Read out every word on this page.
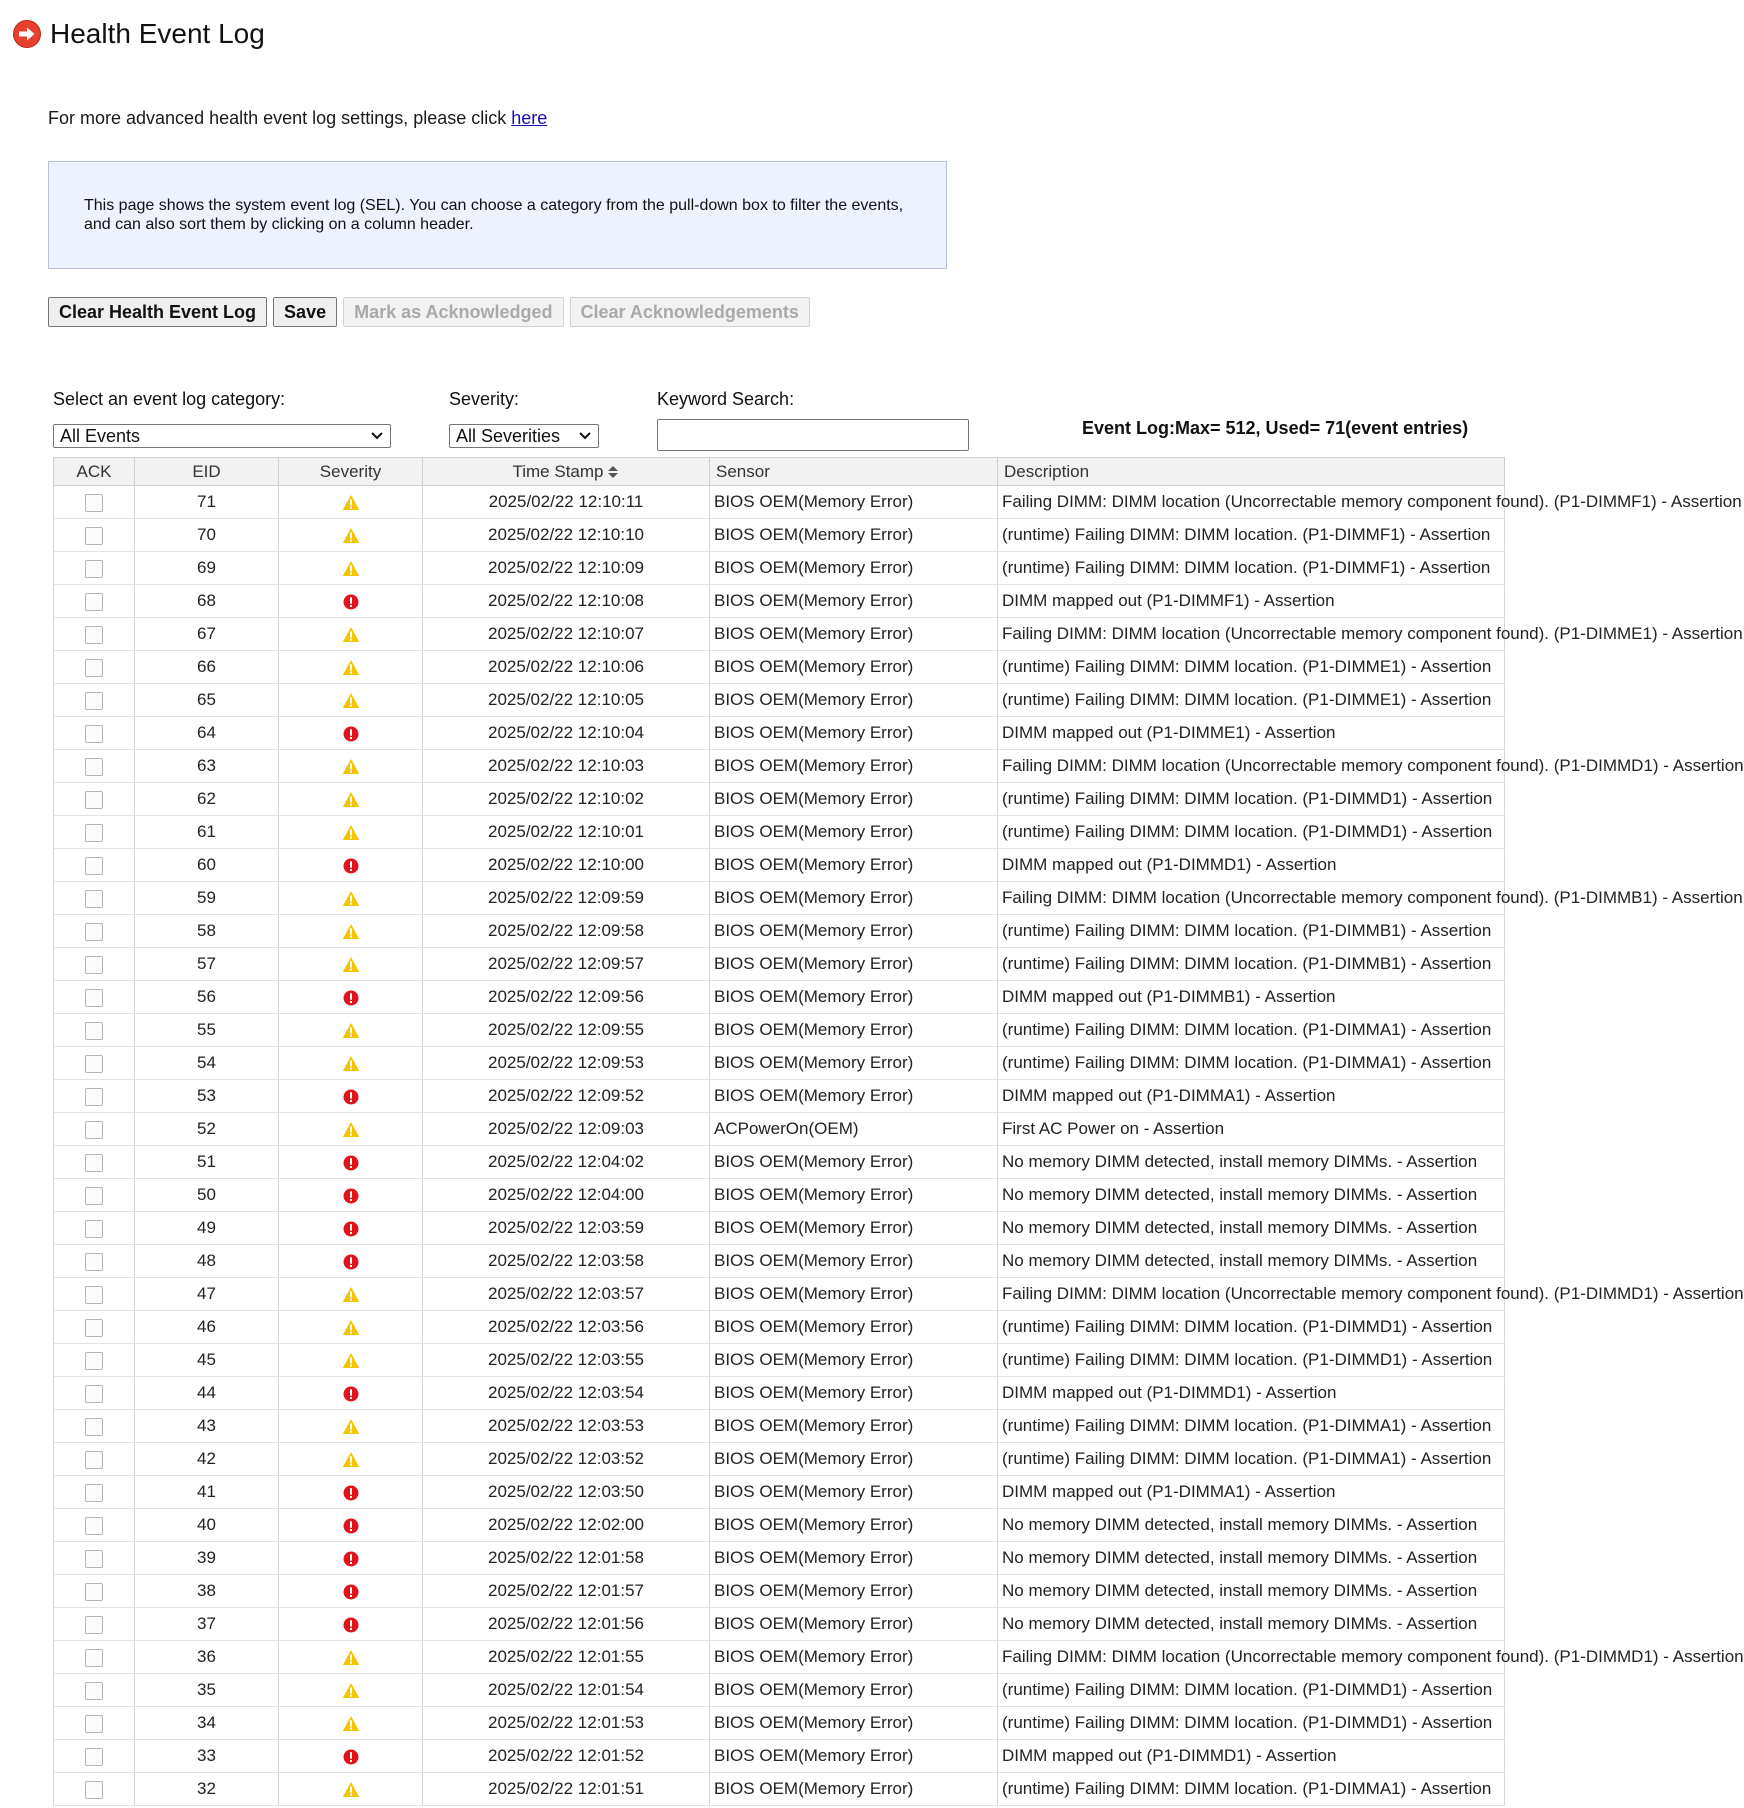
Health Event Log
For more advanced health event log settings, please click here
This page shows the system event log (SEL). You can choose a category from the pull-down box to filter the events, and can also sort them by clicking on a column header.
Clear Health Event Log	Save	Mark as Acknowledged	Clear Acknowledgements
Select an event log category:
All Events
Severity:
All Severities
Keyword Search:
Event Log:Max= 512, Used= 71(event entries)
ACK	EID	Severity	Time Stamp	Sensor	Description
	71		2025/02/22 12:10:11	BIOS OEM(Memory Error)	Failing DIMM: DIMM location (Uncorrectable memory component found). (P1-DIMMF1) - Assertion
	70		2025/02/22 12:10:10	BIOS OEM(Memory Error)	(runtime) Failing DIMM: DIMM location. (P1-DIMMF1) - Assertion
	69		2025/02/22 12:10:09	BIOS OEM(Memory Error)	(runtime) Failing DIMM: DIMM location. (P1-DIMMF1) - Assertion
	68		2025/02/22 12:10:08	BIOS OEM(Memory Error)	DIMM mapped out (P1-DIMMF1) - Assertion
	67		2025/02/22 12:10:07	BIOS OEM(Memory Error)	Failing DIMM: DIMM location (Uncorrectable memory component found). (P1-DIMME1) - Assertion
	66		2025/02/22 12:10:06	BIOS OEM(Memory Error)	(runtime) Failing DIMM: DIMM location. (P1-DIMME1) - Assertion
	65		2025/02/22 12:10:05	BIOS OEM(Memory Error)	(runtime) Failing DIMM: DIMM location. (P1-DIMME1) - Assertion
	64		2025/02/22 12:10:04	BIOS OEM(Memory Error)	DIMM mapped out (P1-DIMME1) - Assertion
	63		2025/02/22 12:10:03	BIOS OEM(Memory Error)	Failing DIMM: DIMM location (Uncorrectable memory component found). (P1-DIMMD1) - Assertion
	62		2025/02/22 12:10:02	BIOS OEM(Memory Error)	(runtime) Failing DIMM: DIMM location. (P1-DIMMD1) - Assertion
	61		2025/02/22 12:10:01	BIOS OEM(Memory Error)	(runtime) Failing DIMM: DIMM location. (P1-DIMMD1) - Assertion
	60		2025/02/22 12:10:00	BIOS OEM(Memory Error)	DIMM mapped out (P1-DIMMD1) - Assertion
	59		2025/02/22 12:09:59	BIOS OEM(Memory Error)	Failing DIMM: DIMM location (Uncorrectable memory component found). (P1-DIMMB1) - Assertion
	58		2025/02/22 12:09:58	BIOS OEM(Memory Error)	(runtime) Failing DIMM: DIMM location. (P1-DIMMB1) - Assertion
	57		2025/02/22 12:09:57	BIOS OEM(Memory Error)	(runtime) Failing DIMM: DIMM location. (P1-DIMMB1) - Assertion
	56		2025/02/22 12:09:56	BIOS OEM(Memory Error)	DIMM mapped out (P1-DIMMB1) - Assertion
	55		2025/02/22 12:09:55	BIOS OEM(Memory Error)	(runtime) Failing DIMM: DIMM location. (P1-DIMMA1) - Assertion
	54		2025/02/22 12:09:53	BIOS OEM(Memory Error)	(runtime) Failing DIMM: DIMM location. (P1-DIMMA1) - Assertion
	53		2025/02/22 12:09:52	BIOS OEM(Memory Error)	DIMM mapped out (P1-DIMMA1) - Assertion
	52		2025/02/22 12:09:03	ACPowerOn(OEM)	First AC Power on - Assertion
	51		2025/02/22 12:04:02	BIOS OEM(Memory Error)	No memory DIMM detected, install memory DIMMs. - Assertion
	50		2025/02/22 12:04:00	BIOS OEM(Memory Error)	No memory DIMM detected, install memory DIMMs. - Assertion
	49		2025/02/22 12:03:59	BIOS OEM(Memory Error)	No memory DIMM detected, install memory DIMMs. - Assertion
	48		2025/02/22 12:03:58	BIOS OEM(Memory Error)	No memory DIMM detected, install memory DIMMs. - Assertion
	47		2025/02/22 12:03:57	BIOS OEM(Memory Error)	Failing DIMM: DIMM location (Uncorrectable memory component found). (P1-DIMMD1) - Assertion
	46		2025/02/22 12:03:56	BIOS OEM(Memory Error)	(runtime) Failing DIMM: DIMM location. (P1-DIMMD1) - Assertion
	45		2025/02/22 12:03:55	BIOS OEM(Memory Error)	(runtime) Failing DIMM: DIMM location. (P1-DIMMD1) - Assertion
	44		2025/02/22 12:03:54	BIOS OEM(Memory Error)	DIMM mapped out (P1-DIMMD1) - Assertion
	43		2025/02/22 12:03:53	BIOS OEM(Memory Error)	(runtime) Failing DIMM: DIMM location. (P1-DIMMA1) - Assertion
	42		2025/02/22 12:03:52	BIOS OEM(Memory Error)	(runtime) Failing DIMM: DIMM location. (P1-DIMMA1) - Assertion
	41		2025/02/22 12:03:50	BIOS OEM(Memory Error)	DIMM mapped out (P1-DIMMA1) - Assertion
	40		2025/02/22 12:02:00	BIOS OEM(Memory Error)	No memory DIMM detected, install memory DIMMs. - Assertion
	39		2025/02/22 12:01:58	BIOS OEM(Memory Error)	No memory DIMM detected, install memory DIMMs. - Assertion
	38		2025/02/22 12:01:57	BIOS OEM(Memory Error)	No memory DIMM detected, install memory DIMMs. - Assertion
	37		2025/02/22 12:01:56	BIOS OEM(Memory Error)	No memory DIMM detected, install memory DIMMs. - Assertion
	36		2025/02/22 12:01:55	BIOS OEM(Memory Error)	Failing DIMM: DIMM location (Uncorrectable memory component found). (P1-DIMMD1) - Assertion
	35		2025/02/22 12:01:54	BIOS OEM(Memory Error)	(runtime) Failing DIMM: DIMM location. (P1-DIMMD1) - Assertion
	34		2025/02/22 12:01:53	BIOS OEM(Memory Error)	(runtime) Failing DIMM: DIMM location. (P1-DIMMD1) - Assertion
	33		2025/02/22 12:01:52	BIOS OEM(Memory Error)	DIMM mapped out (P1-DIMMD1) - Assertion
	32		2025/02/22 12:01:51	BIOS OEM(Memory Error)	(runtime) Failing DIMM: DIMM location. (P1-DIMMA1) - Assertion
